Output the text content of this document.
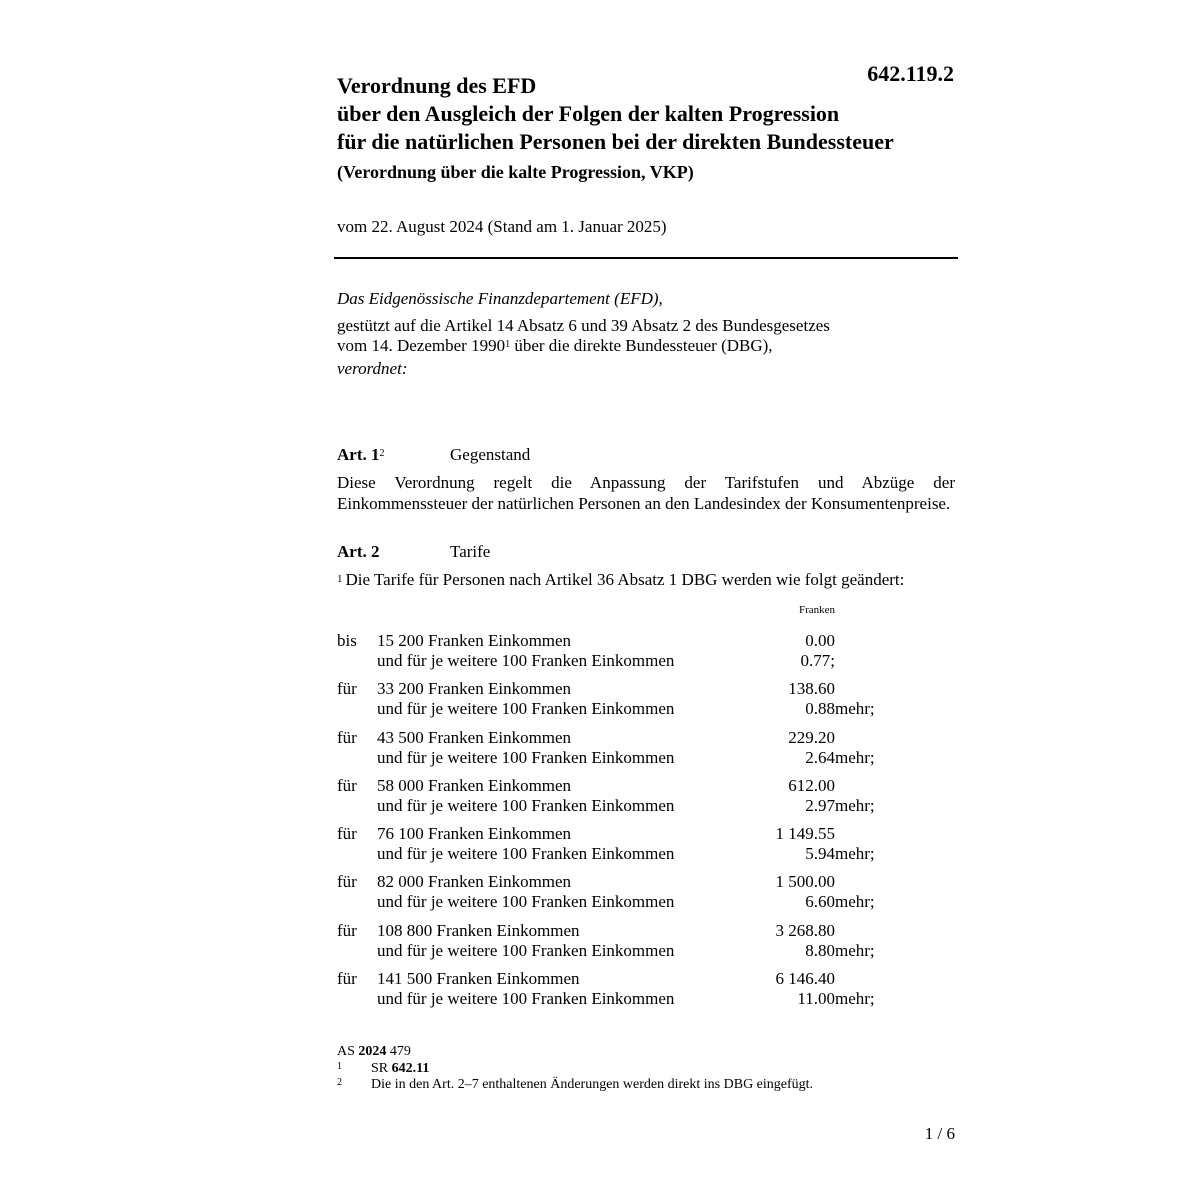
642.119.2
Verordnung des EFD
über den Ausgleich der Folgen der kalten Progression
für die natürlichen Personen bei der direkten Bundessteuer
(Verordnung über die kalte Progression, VKP)
vom 22. August 2024 (Stand am 1. Januar 2025)
Das Eidgenössische Finanzdepartement (EFD),
gestützt auf die Artikel 14 Absatz 6 und 39 Absatz 2 des Bundesgesetzes
vom 14. Dezember 1990$^1$ über die direkte Bundessteuer (DBG),
verordnet:
Art. 1$^2$	Gegenstand
Diese Verordnung regelt die Anpassung der Tarifstufen und Abzüge der Einkommenssteuer der natürlichen Personen an den Landesindex der Konsumentenpreise.
Art. 2	Tarife
$^1$ Die Tarife für Personen nach Artikel 36 Absatz 1 DBG werden wie folgt geändert:
Franken
bis 15 200 Franken Einkommen	0.00
und für je weitere 100 Franken Einkommen	0.77;
für 33 200 Franken Einkommen	138.60
und für je weitere 100 Franken Einkommen	0.88 mehr;
für 43 500 Franken Einkommen	229.20
und für je weitere 100 Franken Einkommen	2.64 mehr;
für 58 000 Franken Einkommen	612.00
und für je weitere 100 Franken Einkommen	2.97 mehr;
für 76 100 Franken Einkommen	1 149.55
und für je weitere 100 Franken Einkommen	5.94 mehr;
für 82 000 Franken Einkommen	1 500.00
und für je weitere 100 Franken Einkommen	6.60 mehr;
für 108 800 Franken Einkommen	3 268.80
und für je weitere 100 Franken Einkommen	8.80 mehr;
für 141 500 Franken Einkommen	6 146.40
und für je weitere 100 Franken Einkommen	11.00 mehr;
AS 2024 479
1 SR 642.11
2 Die in den Art. 2–7 enthaltenen Änderungen werden direkt ins DBG eingefügt.
1 / 6
